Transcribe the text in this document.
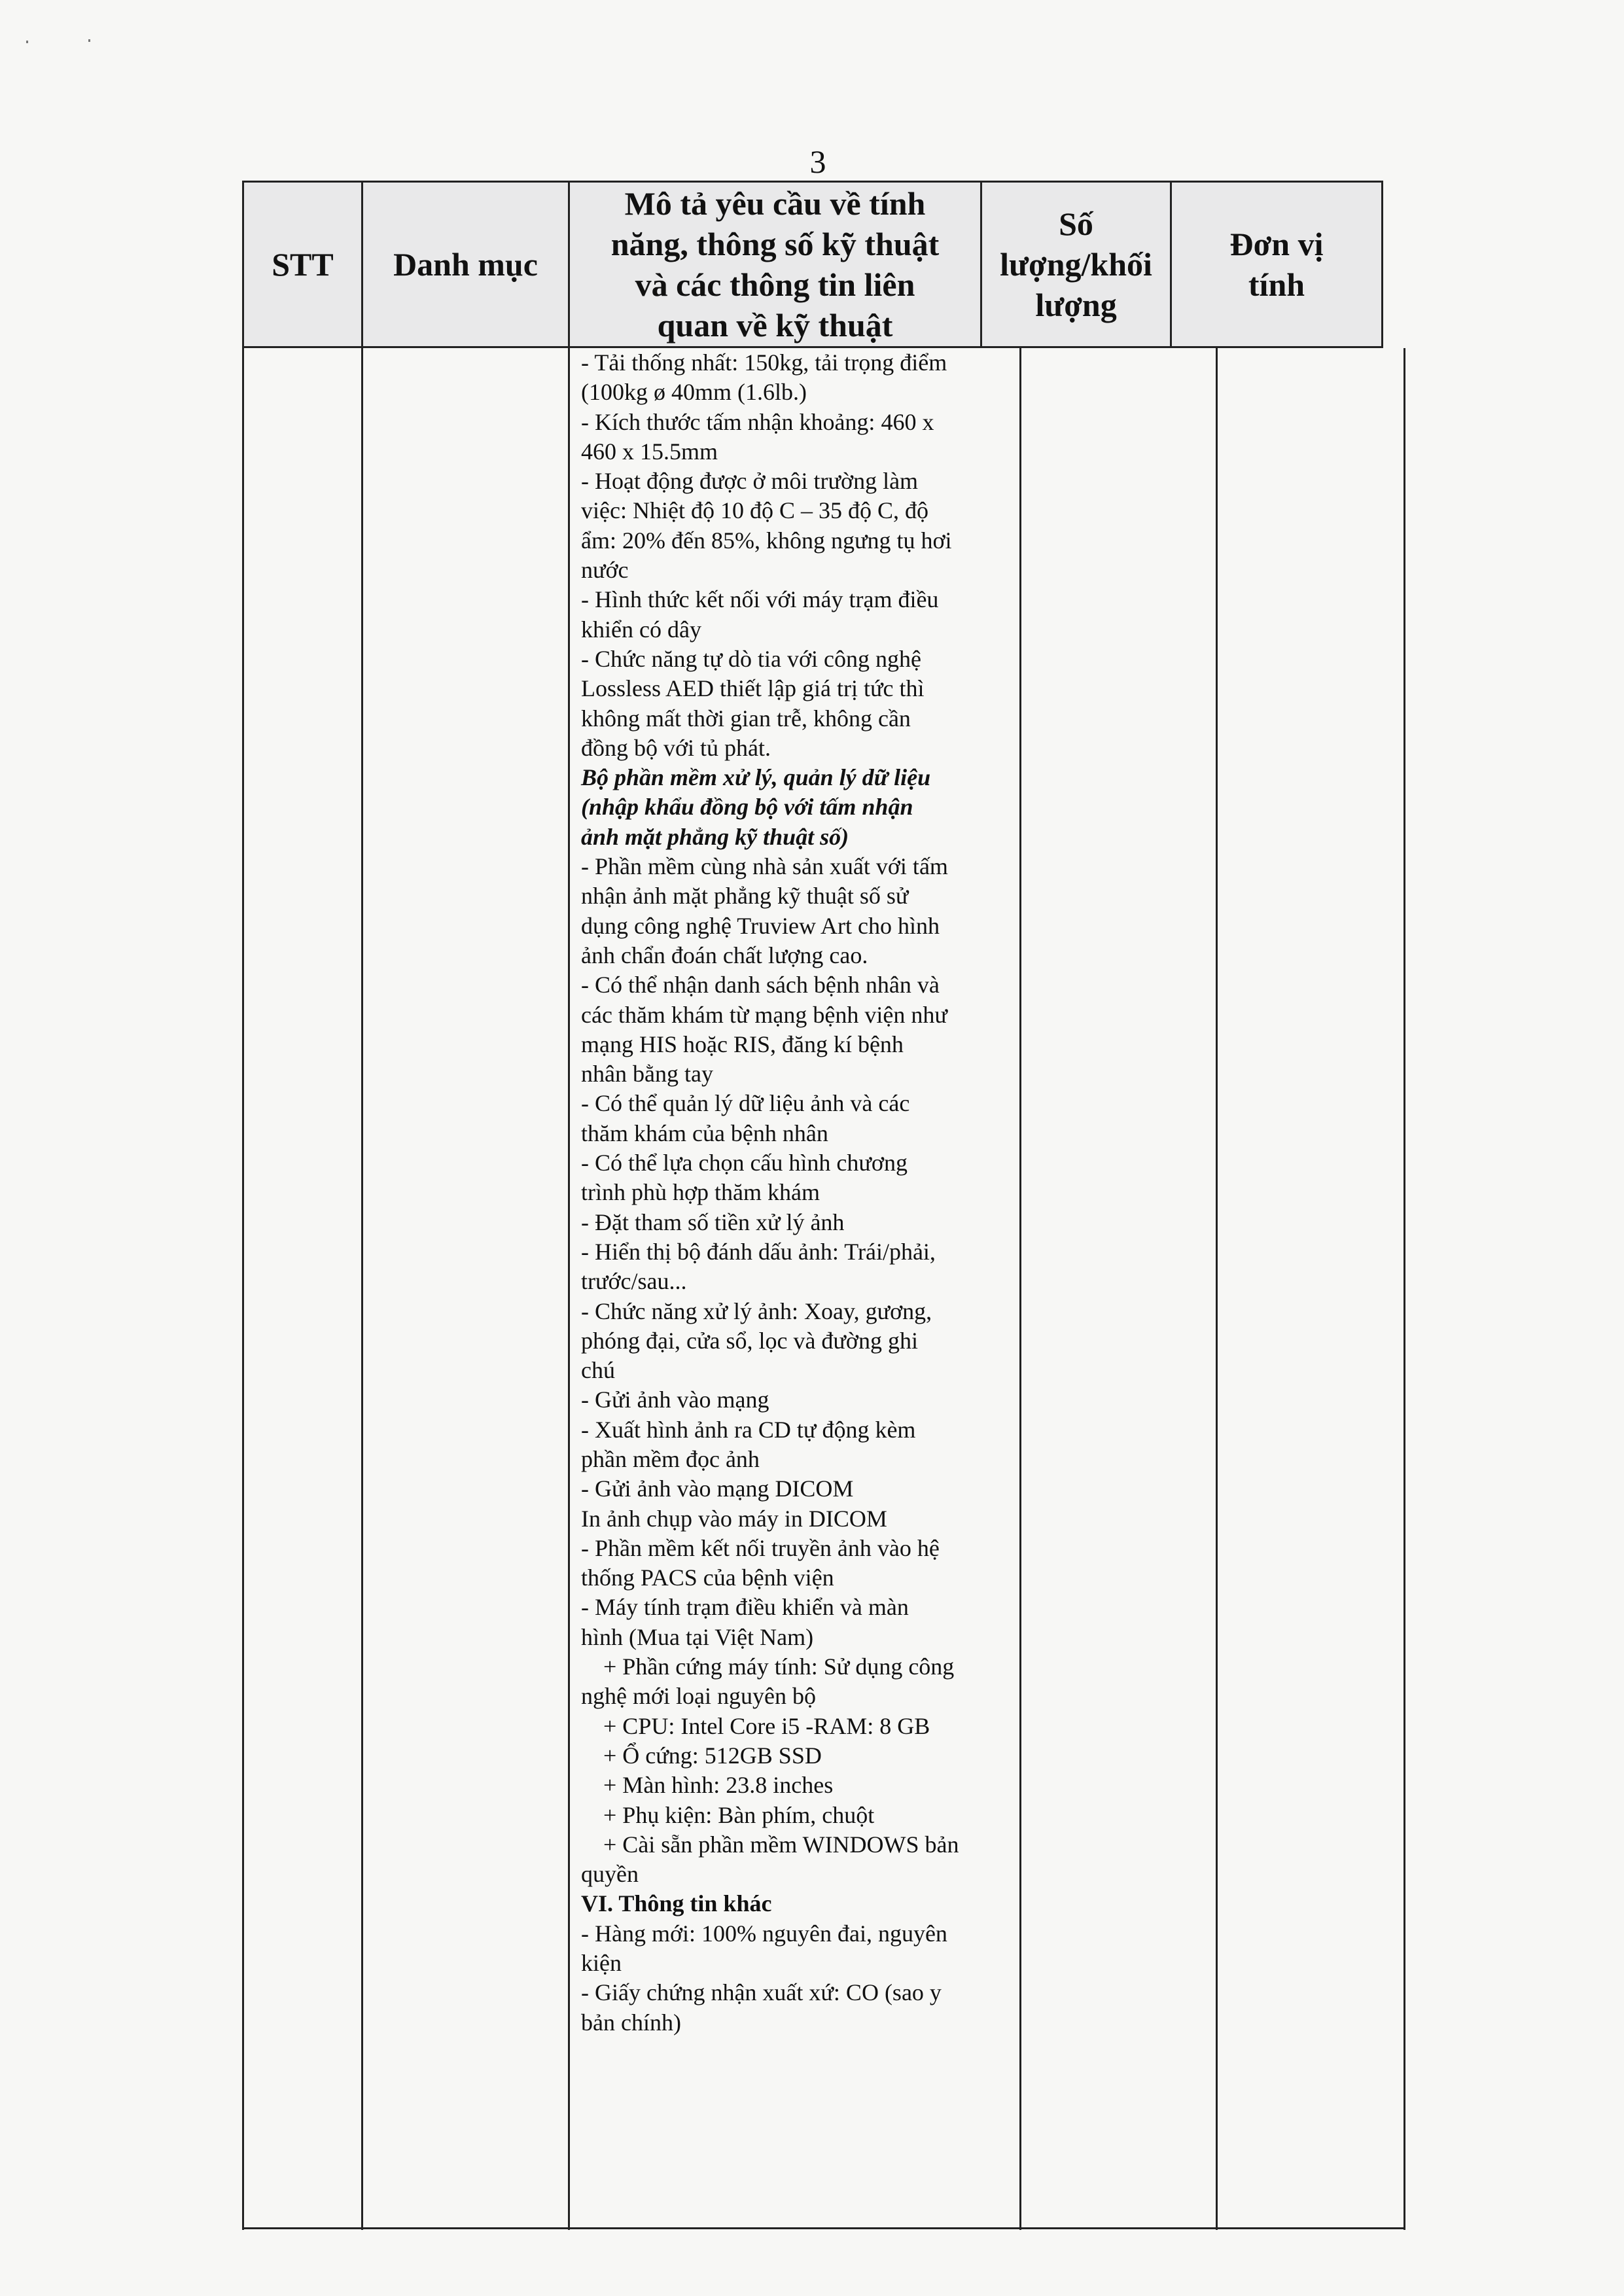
3
STT	Danh mục
Mô tả yêu cầu về tính năng, thông số kỹ thuật và các thông tin liên quan về kỹ thuật
Số lượng/khối lượng
Đơn vị tính
- Tải thống nhất: 150kg, tải trọng điểm
(100kg ø 40mm (1.6lb.)
- Kích thước tấm nhận khoảng: 460 x
460 x 15.5mm
- Hoạt động được ở môi trường làm
việc: Nhiệt độ 10 độ C – 35 độ C, độ
ẩm: 20% đến 85%, không ngưng tụ hơi
nước
- Hình thức kết nối với máy trạm điều
khiển có dây
- Chức năng tự dò tia với công nghệ
Lossless AED thiết lập giá trị tức thì
không mất thời gian trễ, không cần
đồng bộ với tủ phát.
Bộ phần mềm xử lý, quản lý dữ liệu
(nhập khẩu đồng bộ với tấm nhận
ảnh mặt phẳng kỹ thuật số)
- Phần mềm cùng nhà sản xuất với tấm
nhận ảnh mặt phẳng kỹ thuật số sử
dụng công nghệ Truview Art cho hình
ảnh chẩn đoán chất lượng cao.
- Có thể nhận danh sách bệnh nhân và
các thăm khám từ mạng bệnh viện như
mạng HIS hoặc RIS, đăng kí bệnh
nhân bằng tay
- Có thể quản lý dữ liệu ảnh và các
thăm khám của bệnh nhân
- Có thể lựa chọn cấu hình chương
trình phù hợp thăm khám
- Đặt tham số tiền xử lý ảnh
- Hiển thị bộ đánh dấu ảnh: Trái/phải,
trước/sau...
- Chức năng xử lý ảnh: Xoay, gương,
phóng đại, cửa sổ, lọc và đường ghi
chú
- Gửi ảnh vào mạng
- Xuất hình ảnh ra CD tự động kèm
phần mềm đọc ảnh
- Gửi ảnh vào mạng DICOM
In ảnh chụp vào máy in DICOM
- Phần mềm kết nối truyền ảnh vào hệ
thống PACS của bệnh viện
- Máy tính trạm điều khiển và màn
hình (Mua tại Việt Nam)
+ Phần cứng máy tính: Sử dụng công
nghệ mới loại nguyên bộ
+ CPU: Intel Core i5 -RAM: 8 GB
+ Ổ cứng: 512GB SSD
+ Màn hình: 23.8 inches
+ Phụ kiện: Bàn phím, chuột
+ Cài sẵn phần mềm WINDOWS bản
quyền
VI. Thông tin khác
- Hàng mới: 100% nguyên đai, nguyên
kiện
- Giấy chứng nhận xuất xứ: CO (sao y
bản chính)
